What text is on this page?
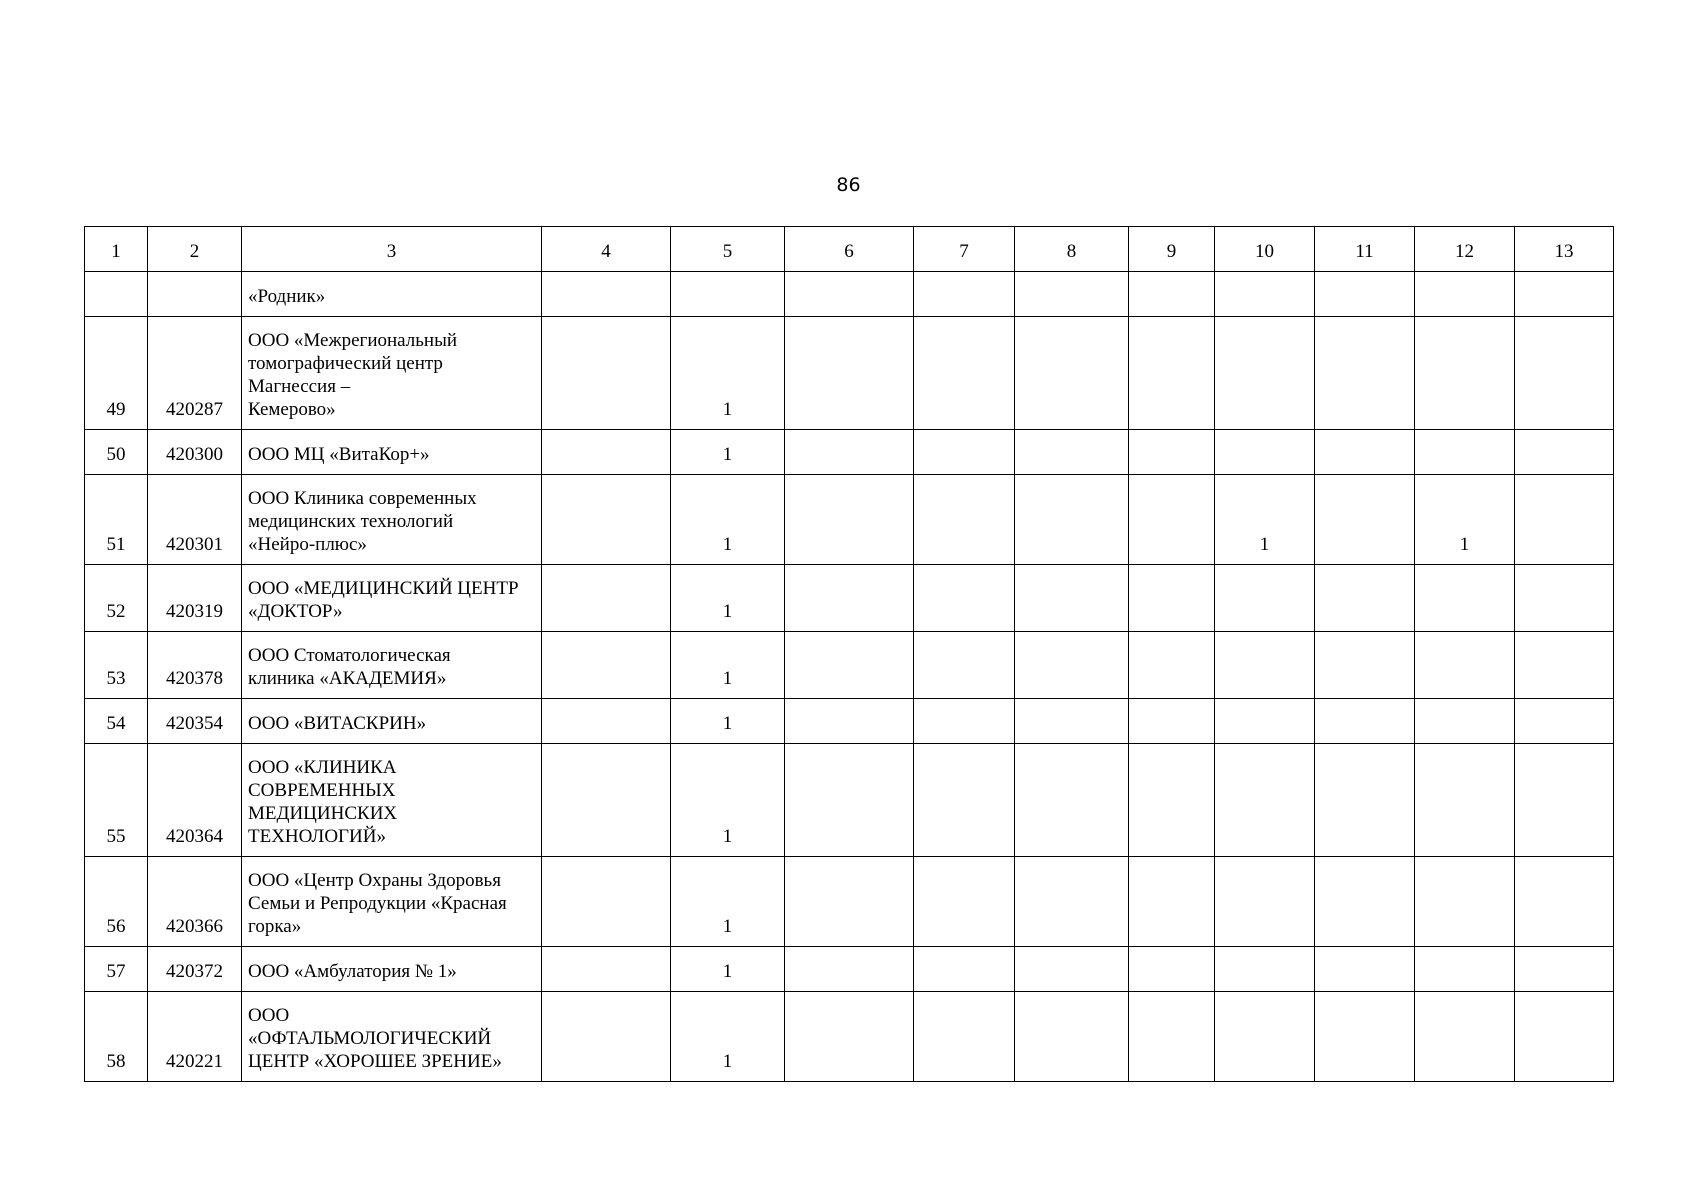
86
1	2	3	4	5	6	7	8	9	10	11	12	13
		«Родник»										
49	420287	ООО «Межрегиональный
томографический центр
Магнессия –
Кемерово»		1								
50	420300	ООО МЦ «ВитаКор+»		1								
51	420301	ООО Клиника современных
медицинских технологий
«Нейро-плюс»		1					1		1	
52	420319	ООО «МЕДИЦИНСКИЙ ЦЕНТР
«ДОКТОР»		1								
53	420378	ООО Стоматологическая
клиника «АКАДЕМИЯ»		1								
54	420354	ООО «ВИТАСКРИН»		1								
55	420364	ООО «КЛИНИКА
СОВРЕМЕННЫХ
МЕДИЦИНСКИХ
ТЕХНОЛОГИЙ»		1								
56	420366	ООО «Центр Охраны Здоровья
Семьи и Репродукции «Красная
горка»		1								
57	420372	ООО «Амбулатория № 1»		1								
58	420221	ООО
«ОФТАЛЬМОЛОГИЧЕСКИЙ
ЦЕНТР «ХОРОШЕЕ ЗРЕНИЕ»		1								
